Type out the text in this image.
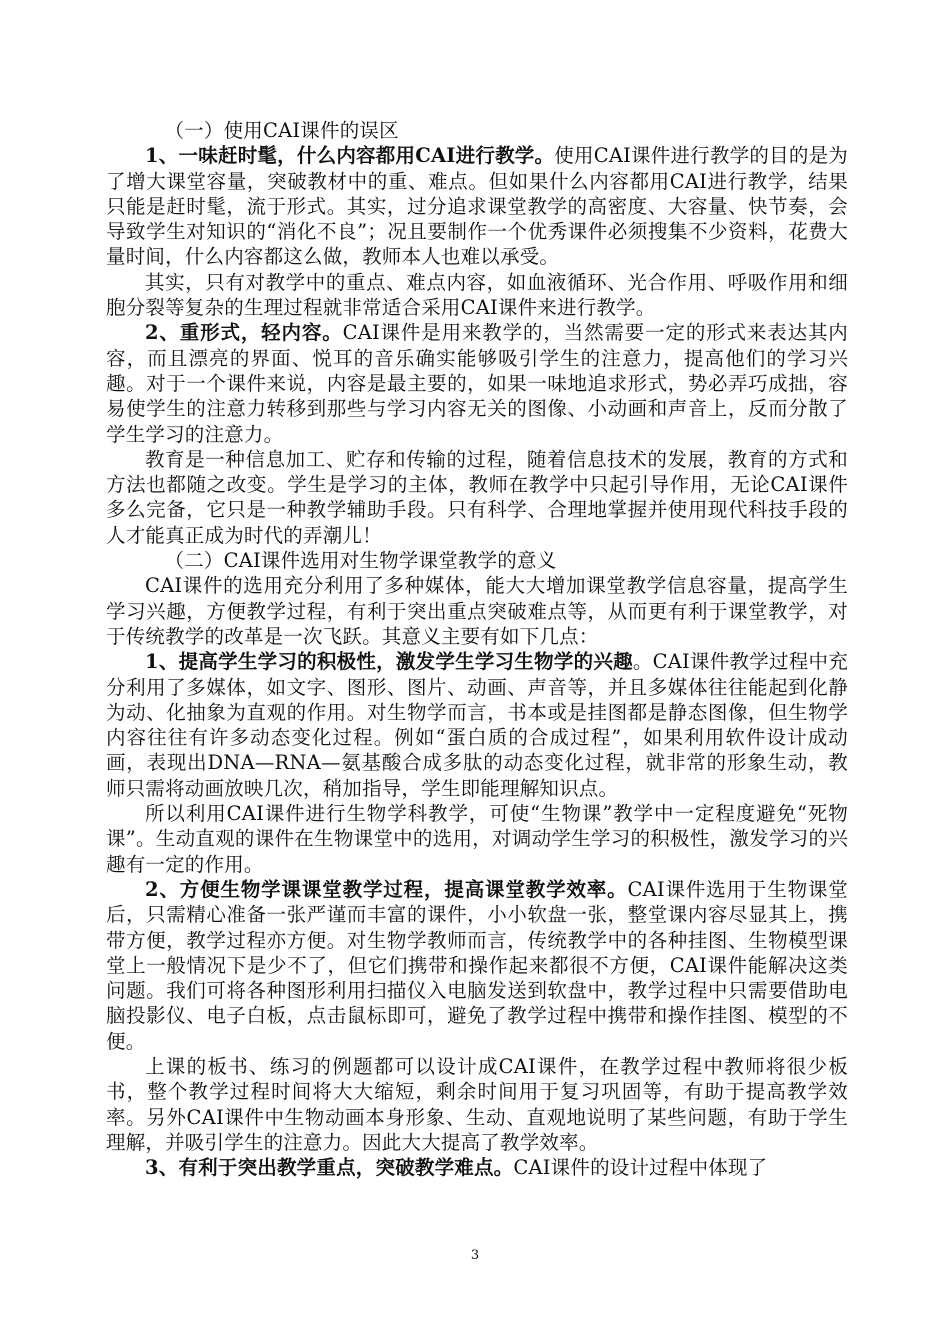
（一）使用CAI课件的误区

1、一味赶时髦，什么内容都用CAI进行教学。使用CAI课件进行教学的目的是为了增大课堂容量，突破教材中的重、难点。但如果什么内容都用CAI进行教学，结果只能是赶时髦，流于形式。其实，过分追求课堂教学的高密度、大容量、快节奏，会导致学生对知识的“消化不良”；况且要制作一个优秀课件必须搜集不少资料，花费大量时间，什么内容都这么做，教师本人也难以承受。

其实，只有对教学中的重点、难点内容，如血液循环、光合作用、呼吸作用和细胞分裂等复杂的生理过程就非常适合采用CAI课件来进行教学。

2、重形式，轻内容。CAI课件是用来教学的，当然需要一定的形式来表达其内容，而且漂亮的界面、悦耳的音乐确实能够吸引学生的注意力，提高他们的学习兴趣。对于一个课件来说，内容是最主要的，如果一味地追求形式，势必弄巧成拙，容易使学生的注意力转移到那些与学习内容无关的图像、小动画和声音上，反而分散了学生学习的注意力。

教育是一种信息加工、贮存和传输的过程，随着信息技术的发展，教育的方式和方法也都随之改变。学生是学习的主体，教师在教学中只起引导作用，无论CAI课件多么完备，它只是一种教学辅助手段。只有科学、合理地掌握并使用现代科技手段的人才能真正成为时代的弄潮儿！

（二）CAI课件选用对生物学课堂教学的意义

CAI课件的选用充分利用了多种媒体，能大大增加课堂教学信息容量，提高学生学习兴趣，方便教学过程，有利于突出重点突破难点等，从而更有利于课堂教学，对于传统教学的改革是一次飞跃。其意义主要有如下几点：

1、提高学生学习的积极性，激发学生学习生物学的兴趣。CAI课件教学过程中充分利用了多媒体，如文字、图形、图片、动画、声音等，并且多媒体往往能起到化静为动、化抽象为直观的作用。对生物学而言，书本或是挂图都是静态图像，但生物学内容往往有许多动态变化过程。例如“蛋白质的合成过程”，如果利用软件设计成动画，表现出DNA—RNA—氨基酸合成多肽的动态变化过程，就非常的形象生动，教师只需将动画放映几次，稍加指导，学生即能理解知识点。

所以利用CAI课件进行生物学科教学，可使“生物课”教学中一定程度避免“死物课”。生动直观的课件在生物课堂中的选用，对调动学生学习的积极性，激发学习的兴趣有一定的作用。

2、方便生物学课课堂教学过程，提高课堂教学效率。CAI课件选用于生物课堂后，只需精心准备一张严谨而丰富的课件，小小软盘一张，整堂课内容尽显其上，携带方便，教学过程亦方便。对生物学教师而言，传统教学中的各种挂图、生物模型课堂上一般情况下是少不了，但它们携带和操作起来都很不方便，CAI课件能解决这类问题。我们可将各种图形利用扫描仪入电脑发送到软盘中，教学过程中只需要借助电脑投影仪、电子白板，点击鼠标即可，避免了教学过程中携带和操作挂图、模型的不便。

上课的板书、练习的例题都可以设计成CAI课件，在教学过程中教师将很少板书，整个教学过程时间将大大缩短，剩余时间用于复习巩固等，有助于提高教学效率。另外CAI课件中生物动画本身形象、生动、直观地说明了某些问题，有助于学生理解，并吸引学生的注意力。因此大大提高了教学效率。

3、有利于突出教学重点，突破教学难点。CAI课件的设计过程中体现了

3
